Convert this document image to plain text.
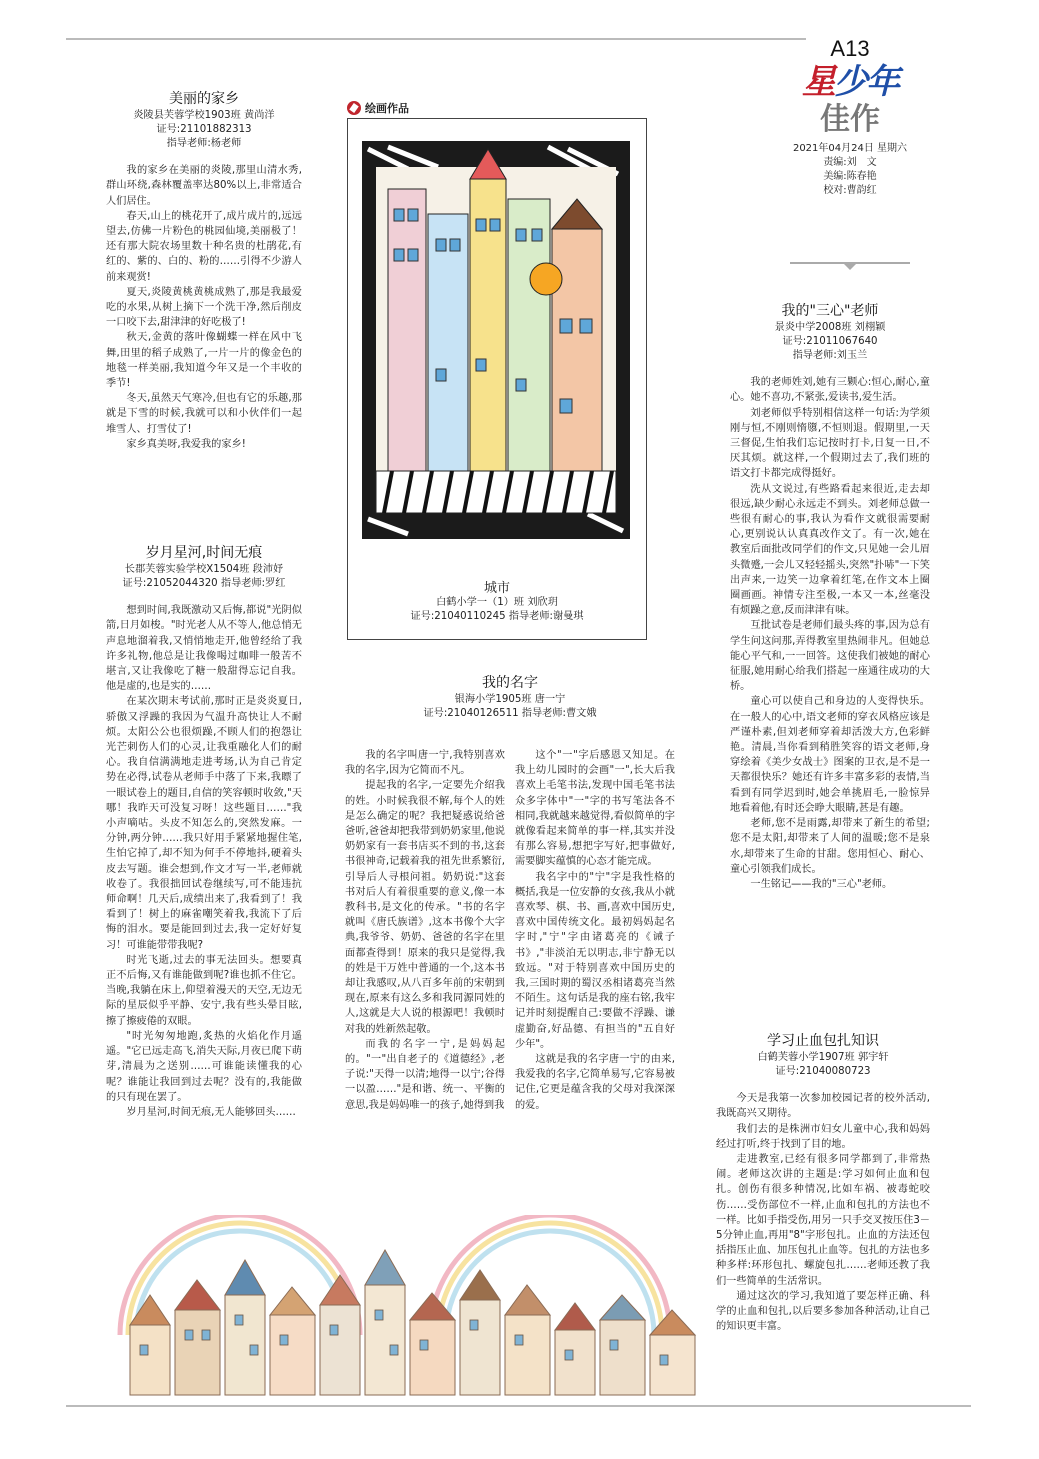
A13
星少年
佳作
2021年04月24日 星期六
责编:刘　文
美编:陈春艳
校对:曹韵红
美丽的家乡
炎陵县芙蓉学校1903班 黄尚洋
证号:21101882313
指导老师:杨老师

我的家乡在美丽的炎陵,那里山清水秀,群山环绕,森林覆盖率达80%以上,非常适合人们居住。

春天,山上的桃花开了,成片成片的,远远望去,仿佛一片粉色的桃园仙境,美丽极了！还有那大院农场里数十种名贵的杜鹃花,有红的、紫的、白的、粉的……引得不少游人前来观赏!

夏天,炎陵黄桃黄桃成熟了,那是我最爱吃的水果,从树上摘下一个洗干净,然后削皮一口咬下去,甜津津的好吃极了!

秋天,金黄的落叶像蝴蝶一样在风中飞舞,田里的稻子成熟了,一片一片的像金色的地毯一样美丽,我知道今年又是一个丰收的季节!

冬天,虽然天气寒冷,但也有它的乐趣,那就是下雪的时候,我就可以和小伙伴们一起堆雪人、打雪仗了!

家乡真美呀,我爱我的家乡!

岁月星河,时间无痕
长郡芙蓉实验学校X1504班 段沛妤
证号:21052044320 指导老师:罗红

想到时间,我既激动又后悔,都说"光阴似箭,日月如梭。"时光老人从不等人,他总悄无声息地溜着我,又悄悄地走开,他曾经给了我许多礼物,他总是让我像喝过咖啡一般苦不堪言,又让我像吃了糖一般甜得忘记自我。他是虚的,也是实的……

在某次期末考试前,那时正是炎炎夏日,骄傲又浮躁的我因为气温升高快让人不耐烦。太阳公公也很烦躁,不顾人们的抱怨让光芒刺伤人们的心灵,让我重融化人们的耐心。我自信满满地走进考场,认为自己肯定势在必得,试卷从老师手中落了下来,我瞟了一眼试卷上的题目,自信的笑容顿时收敛,"天哪！我昨天可没复习呀！这些题目……"我小声嘀咕。头皮不知怎么的,突然发麻。一分钟,两分钟……我只好用手紧紧地握住笔,生怕它掉了,却不知为何手不停地抖,硬着头皮去写题。谁会想到,作文才写一半,老师就收卷了。我很拙回试卷继续写,可不能违抗师命啊！几天后,成绩出来了,我看到了！我看到了！树上的麻雀嘲笑着我,我流下了后悔的泪水。要是能回到过去,我一定好好复习！可谁能带带我呢?

时光飞逝,过去的事无法回头。想要真正不后悔,又有谁能做到呢?谁也抓不住它。当晚,我躺在床上,仰望着漫天的天空,无边无际的星辰似乎平静、安宁,我有些头晕目眩,擦了擦疲倦的双眼。

"时光匆匆地跑,炙热的火焰化作月遥遥。"它已远走高飞,消失天际,月夜已爬下萌芽,清晨为之送别……可谁能读懂我的心呢？谁能让我回到过去呢？没有的,我能做的只有现在罢了。

岁月星河,时间无痕,无人能够回头……

绘画作品
城市
白鹤小学一（1）班 刘欣玥
证号:21040110245 指导老师:谢曼琪
我的名字
银海小学1905班 唐一宁
证号:21040126511 指导老师:曹文娥

我的名字叫唐一宁,我特别喜欢我的名字,因为它简而不凡。

提起我的名字,一定要先介绍我的姓。小时候我很不解,每个人的姓是怎么确定的呢？我把疑惑说给爸爸听,爸爸却把我带到奶奶家里,他说奶奶家有一套书店买不到的书,这套书很神奇,记载着我的祖先世系繁衍,引导后人寻根问祖。奶奶说:"这套书对后人有着很重要的意义,像一本教科书,是文化的传承。"书的名字就叫《唐氏族谱》,这本书像个大字典,我爷爷、奶奶、爸爸的名字在里面都查得到！原来的我只是觉得,我的姓是干万姓中普通的一个,这本书却让我感叹,从八百多年前的宋朝到现在,原来有这么多和我同源同姓的人,这就是大人说的根源吧！我顿时对我的姓新然起敬。

而我的名字一宁,是妈妈起的。"一"出自老子的《道德经》,老子说:"天得一以清;地得一以宁;谷得一以盈……"是和谐、统一、平衡的意思,我是妈妈唯一的孩子,她得到我

这个"一"字后感恩又知足。在我上幼儿园时的会画"一",长大后我喜欢上毛笔书法,发现中国毛笔书法众多字体中"一"字的书写笔法各不相同,我就越来越觉得,看似简单的字就像看起来简单的事一样,其实并没有那么容易,想把字写好,把事做好,需要脚实蕴慎的心态才能完成。

我名字中的"宁"字是我性格的概括,我是一位安静的女孩,我从小就喜欢琴、棋、书、画,喜欢中国历史,喜欢中国传统文化。最初妈妈起名字时,"宁"字由诸葛亮的《诫子书》,"非淡泊无以明志,非宁静无以致远。"对于特别喜欢中国历史的我,三国时期的蜀汉丞相诸葛亮当然不陌生。这句话是我的座右铭,我牢记并时刻提醒自己:要做不浮躁、谦虚勤奋,好品德、有担当的"五自好少年"。

这就是我的名字唐一宁的由来,我爱我的名字,它简单易写,它容易被记住,它更是蕴含我的父母对我深深的爱。

我的"三心"老师
景炎中学2008班 刘栩颖
证号:21011067640
指导老师:刘玉兰

我的老师姓刘,她有三颗心:恒心,耐心,童心。她不喜功,不紧张,爱读书,爱生活。

刘老师似乎特别相信这样一句话:为学须刚与恒,不刚则惰隳,不恒则退。假期里,一天三督促,生怕我们忘记按时打卡,日复一日,不厌其烦。就这样,一个假期过去了,我们班的语文打卡都完成得挺好。

洗从文说过,有些路看起来很近,走去却很远,缺少耐心永远走不到头。刘老师总做一些很有耐心的事,我认为看作文就很需要耐心,更别说认认真真改作文了。有一次,她在教室后面批改同学们的作文,只见她一会儿眉头微蹙,一会儿又轻轻摇头,突然"扑哧"一下笑出声来,一边笑一边拿着红笔,在作文本上圈圈画画。神情专注至极,一本又一本,丝毫没有烦躁之意,反而津津有味。

互批试卷是老师们最头疼的事,因为总有学生问这问那,弄得教室里热闹非凡。但她总能心平气和,一一回答。这使我们被她的耐心征服,她用耐心给我们搭起一座通往成功的大桥。

童心可以使自己和身边的人变得快乐。在一般人的心中,语文老师的穿衣风格应该是严谨朴素,但刘老师穿着却活泼大方,色彩鲜艳。清晨,当你看到稍胜笑容的语文老师,身穿绘着《美少女战士》图案的卫衣,是不是一天都很快乐？她还有许多丰富多彩的表情,当看到有同学迟到时,她会单挑眉毛,一脸惊异地看着他,有时还会睁大眼睛,甚是有趣。

老师,您不是雨露,却带来了新生的希望;您不是太阳,却带来了人间的温暖;您不是泉水,却带来了生命的甘甜。您用恒心、耐心、童心引领我们成长。

一生铭记——我的"三心"老师。

学习止血包扎知识
白鹤芙蓉小学1907班 郭宇轩
证号:21040080723

今天是我第一次参加校园记者的校外活动,我既高兴又期待。

我们去的是株洲市妇女儿童中心,我和妈妈经过打听,终于找到了目的地。

走进教室,已经有很多同学都到了,非常热闹。老师这次讲的主题是:学习如何止血和包扎。创伤有很多种情况,比如车祸、被毒蛇咬伤……受伤部位不一样,止血和包扎的方法也不一样。比如手指受伤,用另一只手交叉按压住3－5分钟止血,再用"8"字形包扎。止血的方法还包括指压止血、加压包扎止血等。包扎的方法也多种多样:环形包扎、螺旋包扎……老师还教了我们一些简单的生活常识。

通过这次的学习,我知道了要怎样正确、科学的止血和包扎,以后要多参加各种活动,让自己的知识更丰富。
